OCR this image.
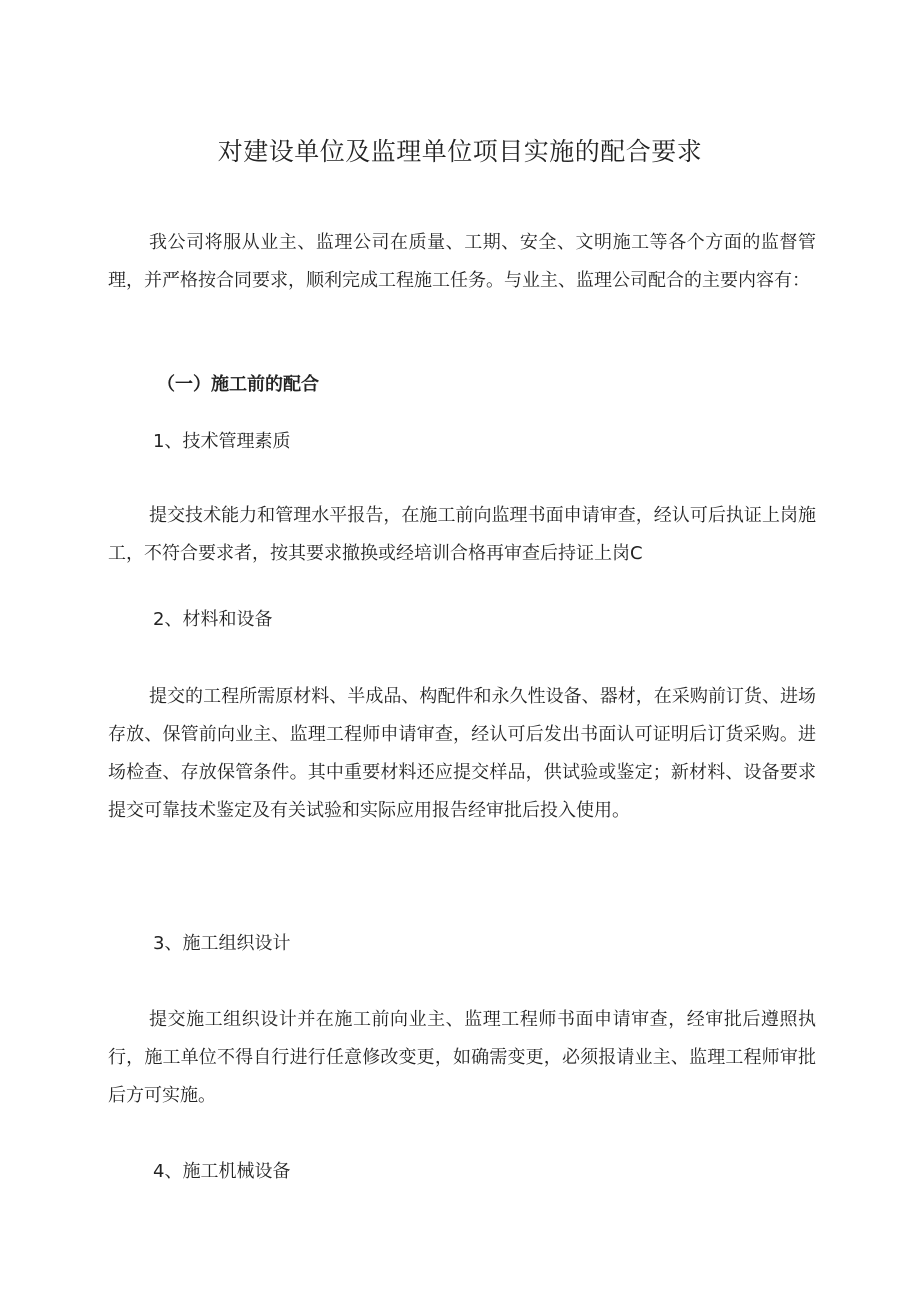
对建设单位及监理单位项目实施的配合要求
我公司将服从业主、监理公司在质量、工期、安全、文明施工等各个方面的监督管理，并严格按合同要求，顺利完成工程施工任务。与业主、监理公司配合的主要内容有：
（一）施工前的配合
1、技术管理素质
提交技术能力和管理水平报告，在施工前向监理书面申请审查，经认可后执证上岗施工，不符合要求者，按其要求撤换或经培训合格再审查后持证上岗C
2、材料和设备
提交的工程所需原材料、半成品、构配件和永久性设备、器材，在采购前订货、进场存放、保管前向业主、监理工程师申请审查，经认可后发出书面认可证明后订货采购。进场检查、存放保管条件。其中重要材料还应提交样品，供试验或鉴定；新材料、设备要求提交可靠技术鉴定及有关试验和实际应用报告经审批后投入使用。
3、施工组织设计
提交施工组织设计并在施工前向业主、监理工程师书面申请审查，经审批后遵照执行，施工单位不得自行进行任意修改变更，如确需变更，必须报请业主、监理工程师审批后方可实施。
4、施工机械设备
